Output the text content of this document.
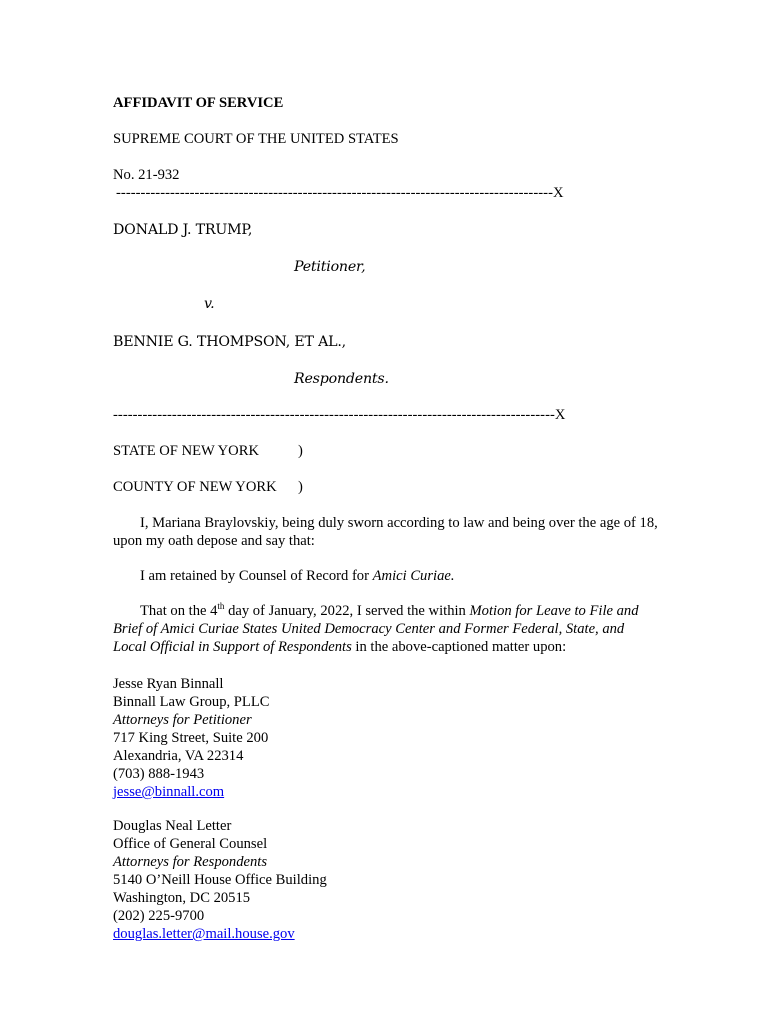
AFFIDAVIT OF SERVICE
SUPREME COURT OF THE UNITED STATES
No. 21-932
-----------------------------------------------------------------------------------------X
DONALD J. TRUMP,
Petitioner,
v.
BENNIE G. THOMPSON, ET AL.,
Respondents.
------------------------------------------------------------------------------------------X
STATE OF NEW YORK	)
COUNTY OF NEW YORK )

I, Mariana Braylovskiy, being duly sworn according to law and being over the age of 18, upon my oath depose and say that:

I am retained by Counsel of Record for Amici Curiae.

That on the 4th day of January, 2022, I served the within Motion for Leave to File and Brief of Amici Curiae States United Democracy Center and Former Federal, State, and Local Official in Support of Respondents in the above-captioned matter upon:

Jesse Ryan Binnall
Binnall Law Group, PLLC
Attorneys for Petitioner
717 King Street, Suite 200
Alexandria, VA 22314
(703) 888-1943
jesse@binnall.com
Douglas Neal Letter
Office of General Counsel
Attorneys for Respondents
5140 O’Neill House Office Building
Washington, DC 20515
(202) 225-9700
douglas.letter@mail.house.gov
